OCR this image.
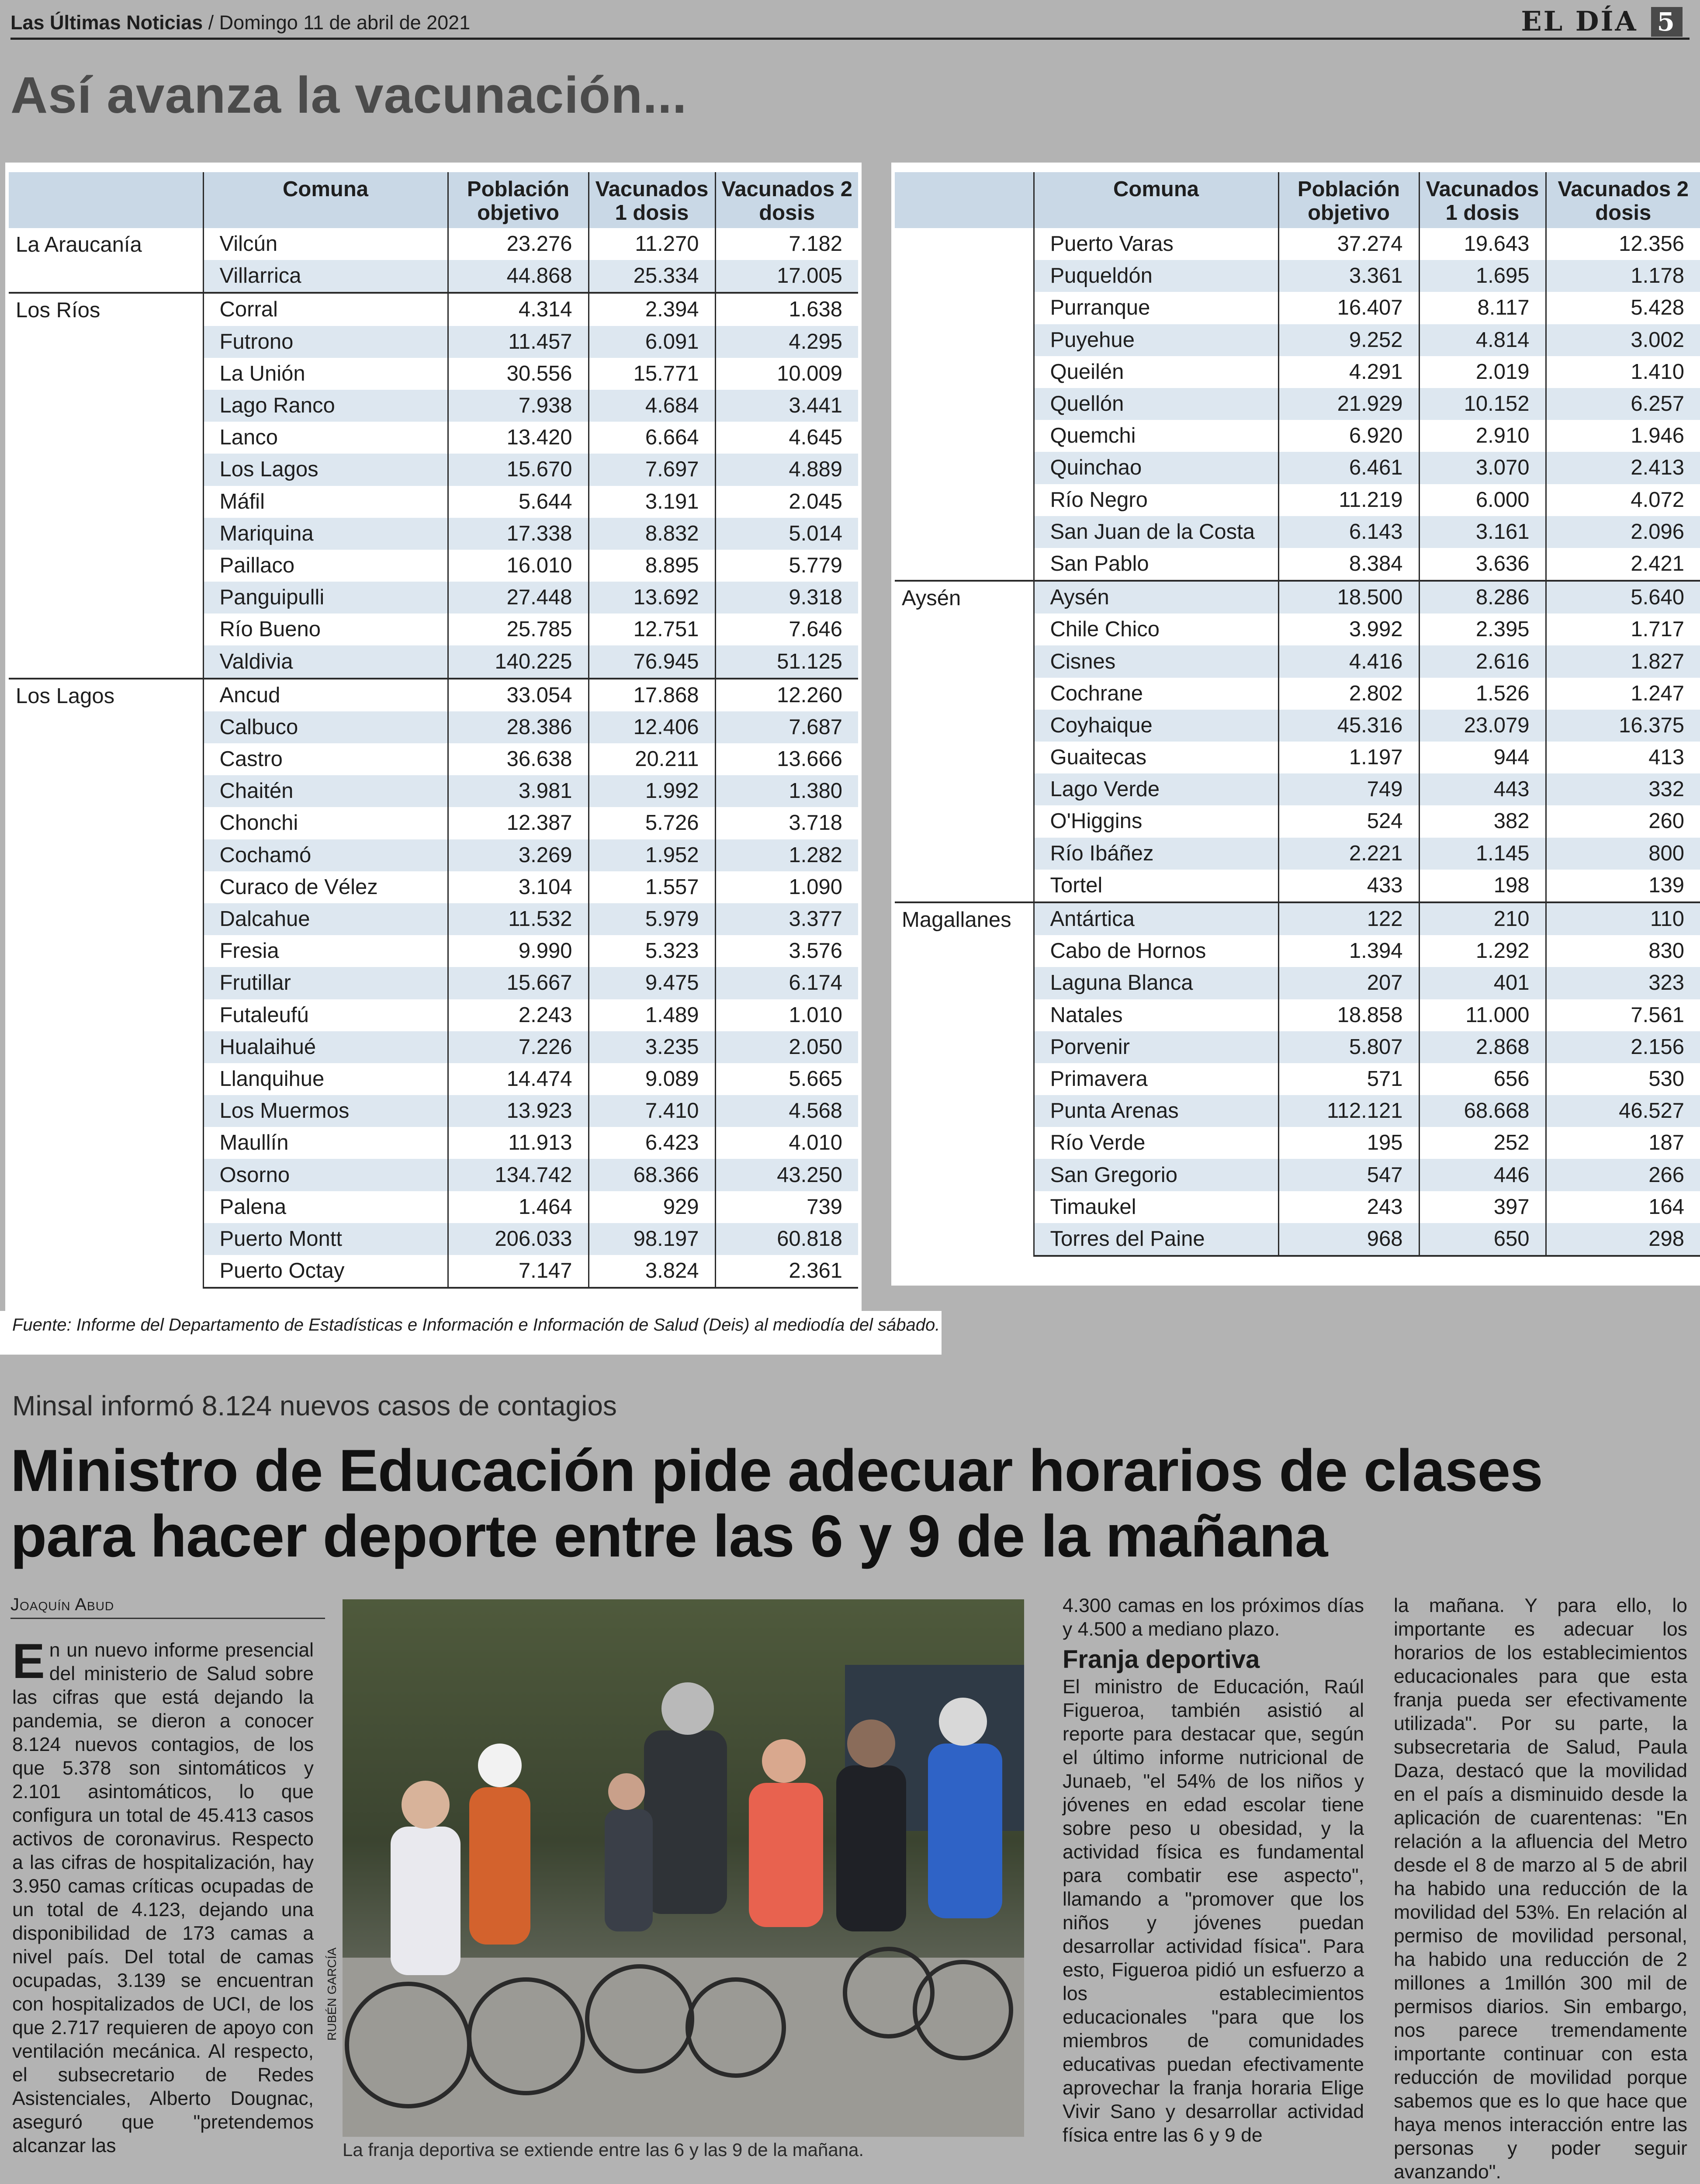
Las Últimas Noticias / Domingo 11 de abril de 2021	EL DÍA 5
Así avanza la vacunación...
	Comuna	Población objetivo	Vacunados 1 dosis	Vacunados 2 dosis
La Araucanía	Vilcún	23.276	11.270	7.182
	Villarrica	44.868	25.334	17.005
Los Ríos	Corral	4.314	2.394	1.638
	Futrono	11.457	6.091	4.295
	La Unión	30.556	15.771	10.009
	Lago Ranco	7.938	4.684	3.441
	Lanco	13.420	6.664	4.645
	Los Lagos	15.670	7.697	4.889
	Máfil	5.644	3.191	2.045
	Mariquina	17.338	8.832	5.014
	Paillaco	16.010	8.895	5.779
	Panguipulli	27.448	13.692	9.318
	Río Bueno	25.785	12.751	7.646
	Valdivia	140.225	76.945	51.125
Los Lagos	Ancud	33.054	17.868	12.260
	Calbuco	28.386	12.406	7.687
	Castro	36.638	20.211	13.666
	Chaitén	3.981	1.992	1.380
	Chonchi	12.387	5.726	3.718
	Cochamó	3.269	1.952	1.282
	Curaco de Vélez	3.104	1.557	1.090
	Dalcahue	11.532	5.979	3.377
	Fresia	9.990	5.323	3.576
	Frutillar	15.667	9.475	6.174
	Futaleufú	2.243	1.489	1.010
	Hualaihué	7.226	3.235	2.050
	Llanquihue	14.474	9.089	5.665
	Los Muermos	13.923	7.410	4.568
	Maullín	11.913	6.423	4.010
	Osorno	134.742	68.366	43.250
	Palena	1.464	929	739
	Puerto Montt	206.033	98.197	60.818
	Puerto Octay	7.147	3.824	2.361
	Comuna	Población objetivo	Vacunados 1 dosis	Vacunados 2 dosis
	Puerto Varas	37.274	19.643	12.356
	Puqueldón	3.361	1.695	1.178
	Purranque	16.407	8.117	5.428
	Puyehue	9.252	4.814	3.002
	Queilén	4.291	2.019	1.410
	Quellón	21.929	10.152	6.257
	Quemchi	6.920	2.910	1.946
	Quinchao	6.461	3.070	2.413
	Río Negro	11.219	6.000	4.072
	San Juan de la Costa	6.143	3.161	2.096
	San Pablo	8.384	3.636	2.421
Aysén	Aysén	18.500	8.286	5.640
	Chile Chico	3.992	2.395	1.717
	Cisnes	4.416	2.616	1.827
	Cochrane	2.802	1.526	1.247
	Coyhaique	45.316	23.079	16.375
	Guaitecas	1.197	944	413
	Lago Verde	749	443	332
	O'Higgins	524	382	260
	Río Ibáñez	2.221	1.145	800
	Tortel	433	198	139
Magallanes	Antártica	122	210	110
	Cabo de Hornos	1.394	1.292	830
	Laguna Blanca	207	401	323
	Natales	18.858	11.000	7.561
	Porvenir	5.807	2.868	2.156
	Primavera	571	656	530
	Punta Arenas	112.121	68.668	46.527
	Río Verde	195	252	187
	San Gregorio	547	446	266
	Timaukel	243	397	164
	Torres del Paine	968	650	298
Fuente: Informe del Departamento de Estadísticas e Información e Información de Salud (Deis) al mediodía del sábado.
Minsal informó 8.124 nuevos casos de contagios
Ministro de Educación pide adecuar horarios de clases
para hacer deporte entre las 6 y 9 de la mañana
Joaquín Abud
En un nuevo informe presencial del ministerio de Salud sobre las cifras que está dejando la pandemia, se dieron a conocer 8.124 nuevos contagios, de los que 5.378 son sintomáticos y 2.101 asintomáticos, lo que configura un total de 45.413 casos activos de coronavirus. Respecto a las cifras de hospitalización, hay 3.950 camas críticas ocupadas de un total de 4.123, dejando una disponibilidad de 173 camas a nivel país. Del total de camas ocupadas, 3.139 se encuentran con hospitalizados de UCI, de los que 2.717 requieren de apoyo con ventilación mecánica. Al respecto, el subsecretario de Redes Asistenciales, Alberto Dougnac, aseguró que "pretendemos alcanzar las
RUBÉN GARCÍA
La franja deportiva se extiende entre las 6 y las 9 de la mañana.
4.300 camas en los próximos días y 4.500 a mediano plazo.
Franja deportiva
El ministro de Educación, Raúl Figueroa, también asistió al reporte para destacar que, según el último informe nutricional de Junaeb, "el 54% de los niños y jóvenes en edad escolar tiene sobre peso u obesidad, y la actividad física es fundamental para combatir ese aspecto", llamando a "promover que los niños y jóvenes puedan desarrollar actividad física". Para esto, Figueroa pidió un esfuerzo a los establecimientos educacionales "para que los miembros de comunidades educativas puedan efectivamente aprovechar la franja horaria Elige Vivir Sano y desarrollar actividad física entre las 6 y 9 de
la mañana. Y para ello, lo importante es adecuar los horarios de los establecimientos educacionales para que esta franja pueda ser efectivamente utilizada". Por su parte, la subsecretaria de Salud, Paula Daza, destacó que la movilidad en el país a disminuido desde la aplicación de cuarentenas: "En relación a la afluencia del Metro desde el 8 de marzo al 5 de abril ha habido una reducción de la movilidad del 53%. En relación al permiso de movilidad personal, ha habido una reducción de 2 millones a 1millón 300 mil de permisos diarios. Sin embargo, nos parece tremendamente importante continuar con esta reducción de movilidad porque sabemos que es lo que hace que haya menos interacción entre las personas y poder seguir avanzando".
